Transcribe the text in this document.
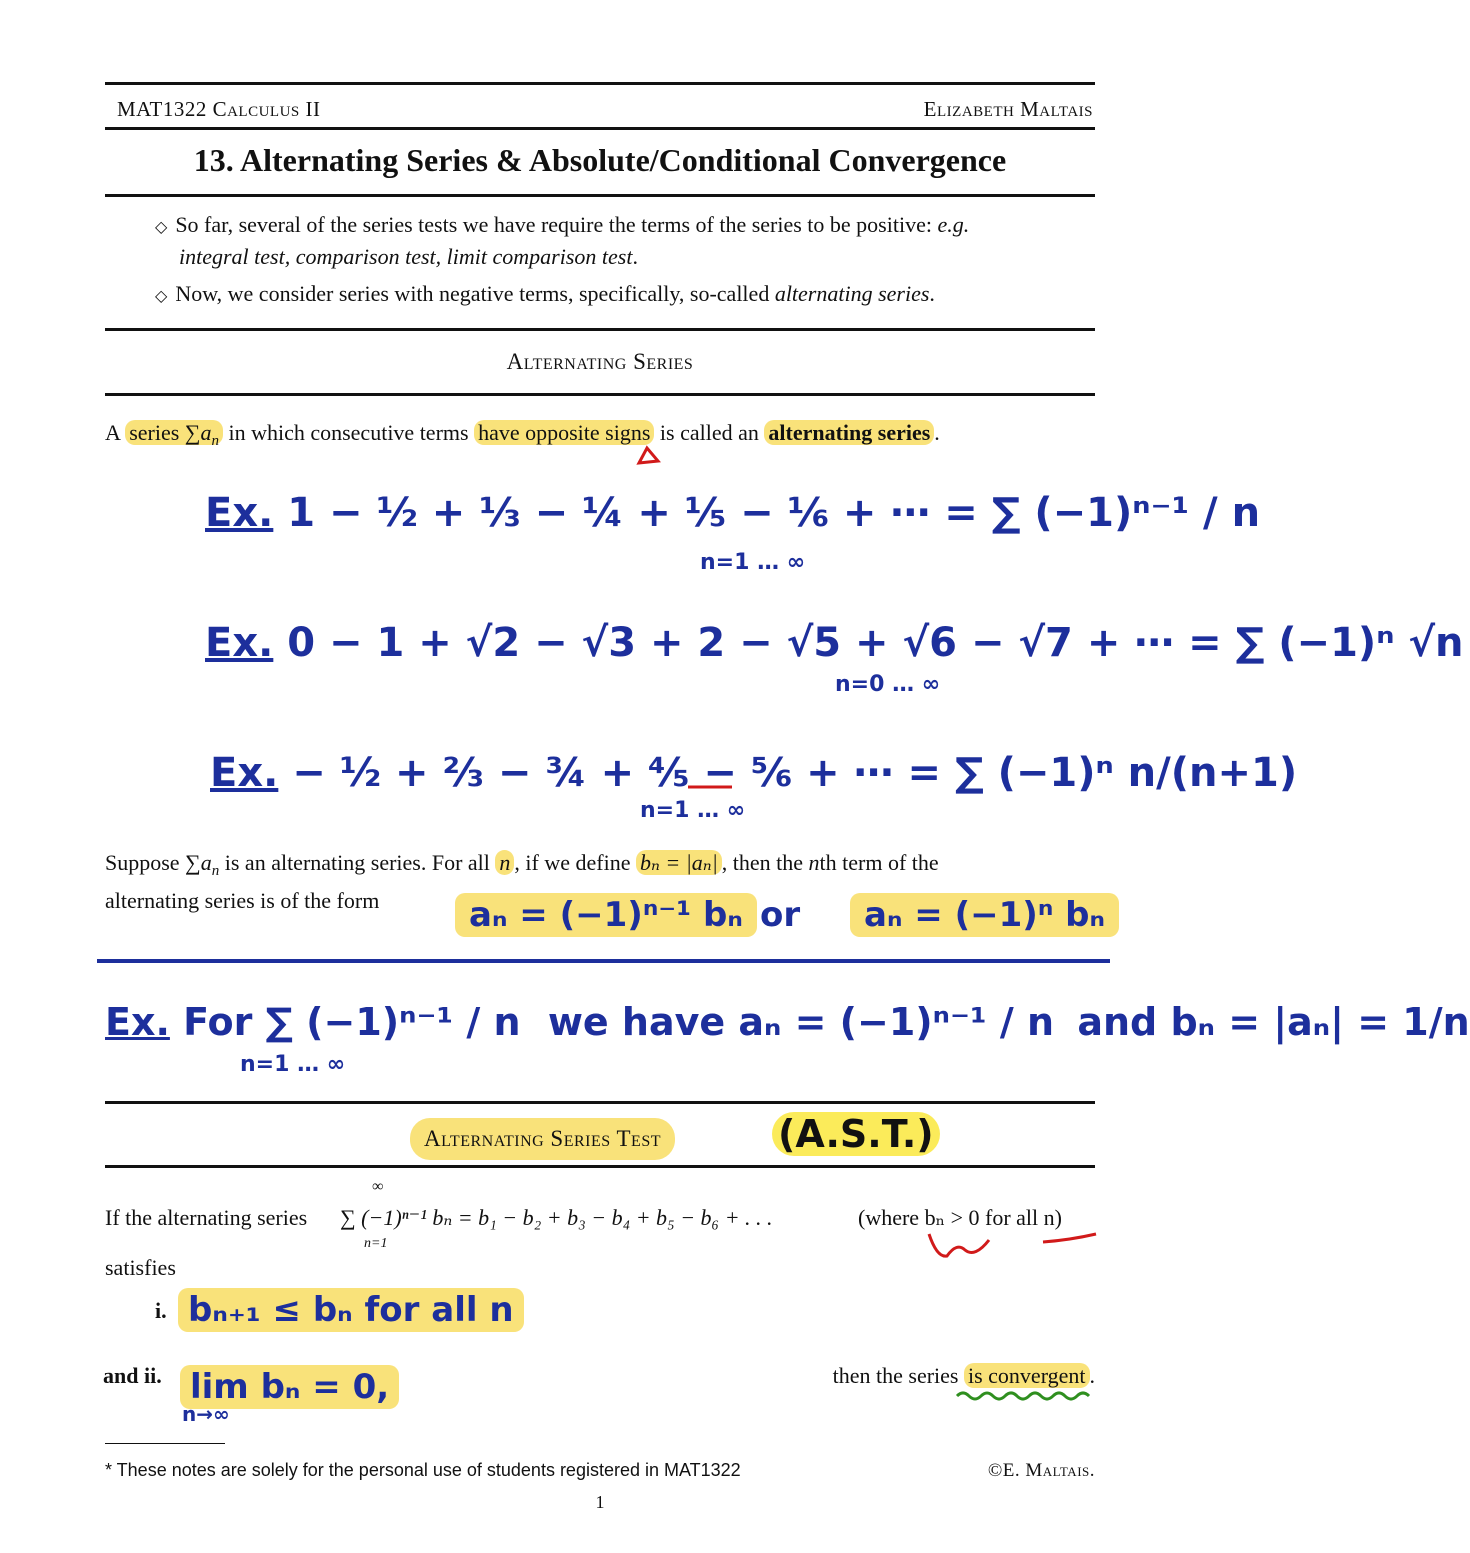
MAT1322 Calculus II	Elizabeth Maltais
13. Alternating Series & Absolute/Conditional Convergence
◇ So far, several of the series tests we have require the terms of the series to be positive: e.g.
integral test, comparison test, limit comparison test.
◇ Now, we consider series with negative terms, specifically, so-called alternating series.
Alternating Series
A series $\sum a_n$ in which consecutive terms have opposite signs is called an alternating series .
Ex. 1 − ½ + ⅓ − ¼ + ⅕ − ⅙ + ⋯ = ∑ (−1)ⁿ⁻¹ / n
n=1 … ∞
Ex. 0 − 1 + √2 − √3 + 2 − √5 + √6 − √7 + ⋯ = ∑ (−1)ⁿ √n
n=0 … ∞
Ex. − ½ + ⅔ − ¾ + ⅘ − ⅚ + ⋯ = ∑ (−1)ⁿ n/(n+1)
n=1 … ∞
Suppose $\sum a_n$ is an alternating series. For all n , if we define bₙ = |aₙ| , then the nth term of the
alternating series is of the form	aₙ = (−1)ⁿ⁻¹ bₙ or	aₙ = (−1)ⁿ bₙ
Ex. For ∑ (−1)ⁿ⁻¹ / n we have aₙ = (−1)ⁿ⁻¹ / n and bₙ = |aₙ| = 1/n
n=1 … ∞
Alternating Series Test	(A.S.T.)
If the alternating series
∞
n=1
∑ (−1)ⁿ⁻¹ bₙ = b₁ − b₂ + b₃ − b₄ + b₅ − b₆ + . . .	(where bₙ > 0 for all n)
satisfies
i. bₙ₊₁ ≤ bₙ for all n
and ii. lim bₙ = 0,
n→∞
then the series is convergent .
* These notes are solely for the personal use of students registered in MAT1322	©E. Maltais.
1
